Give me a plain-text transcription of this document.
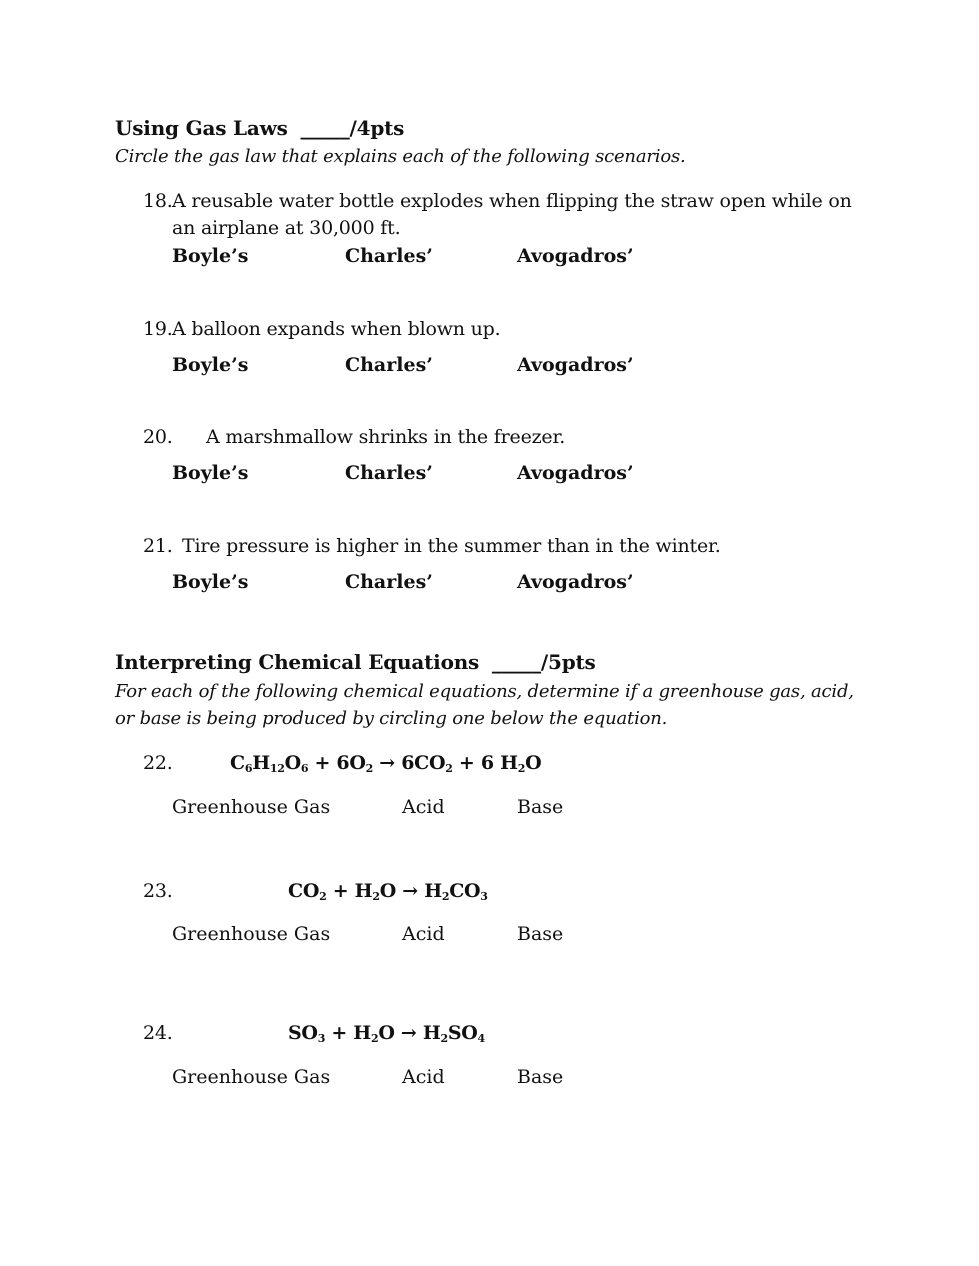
Using Gas Laws _____/4pts
Circle the gas law that explains each of the following scenarios.
18. A reusable water bottle explodes when flipping the straw open while on
an airplane at 30,000 ft.
Boyle’s	Charles’	Avogadros’
19. A balloon expands when blown up.
Boyle’s	Charles’	Avogadros’
20. A marshmallow shrinks in the freezer.
Boyle’s	Charles’	Avogadros’
21. Tire pressure is higher in the summer than in the winter.
Boyle’s	Charles’	Avogadros’
Interpreting Chemical Equations _____/5pts
For each of the following chemical equations, determine if a greenhouse gas, acid,
or base is being produced by circling one below the equation.
22.	$C_6H_{12}O_6 + 6O_2 \to 6CO_2 + 6$ $H_2O$
Greenhouse Gas	Acid	Base
23.	$CO_2 + H_2O \to H_2CO_3$
Greenhouse Gas	Acid	Base
24.	$SO_3 + H_2O \to H_2SO_4$
Greenhouse Gas	Acid	Base
